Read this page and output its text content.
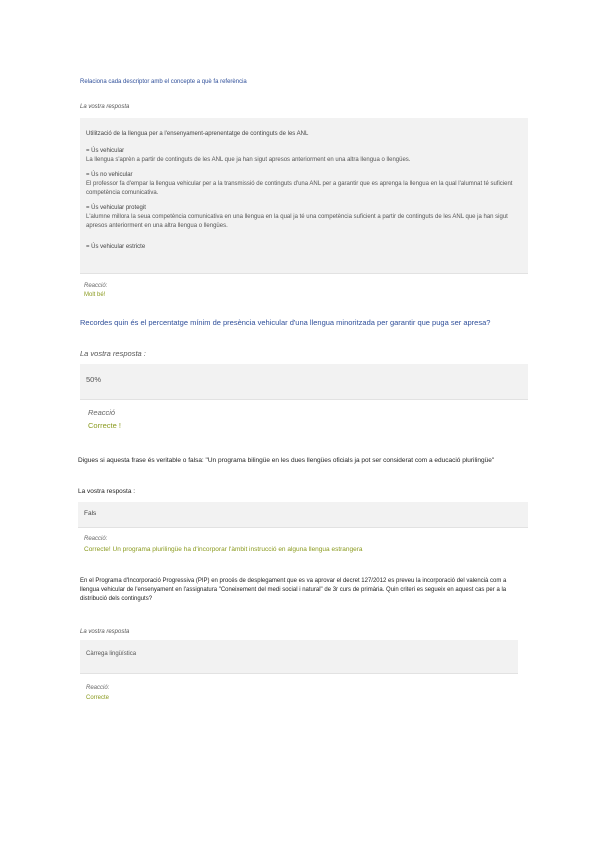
Relaciona cada descriptor amb el concepte a què fa referència
La vostra resposta
Utilització de la llengua per a l'ensenyament-aprenentatge de continguts de les ANL
= Ús vehicular
La llengua s'aprèn a partir de continguts de les ANL que ja han sigut apresos anteriorment en una altra llengua o llengües.
= Ús no vehicular
El professor fa d'empar la llengua vehicular per a la transmissió de continguts d'una ANL per a garantir que es aprenga la llengua en la qual l'alumnat té suficient competència comunicativa.
= Ús vehicular protegit
L'alumne millora la seua competència comunicativa en una llengua en la qual ja té una competència suficient a partir de continguts de les ANL que ja han sigut apresos anteriorment en una altra llengua o llengües.
= Ús vehicular estricte
Reacció:
Molt bé!
Recordes quin és el percentatge mínim de presència vehicular d'una llengua minoritzada per garantir que puga ser apresa?
La vostra resposta :
50%
Reacció
Correcte !
Digues si aquesta frase és veritable o falsa: "Un programa bilingüe en les dues llengües oficials ja pot ser considerat com a educació plurilingüe"
La vostra resposta :
Fals
Reacció:
Correcte! Un programa plurilingüe ha d'incorporar l'àmbit instrucció en alguna llengua estrangera
En el Programa d'Incorporació Progressiva (PIP) en procés de desplegament que es va aprovar el decret 127/2012 es preveu la incorporació del valencià com a llengua vehicular de l'ensenyament en l'assignatura "Coneixement del medi social i natural" de 3r curs de primària. Quin criteri es segueix en aquest cas per a la distribució dels continguts?
La vostra resposta
Càrrega lingüística
Reacció:
Correcte
